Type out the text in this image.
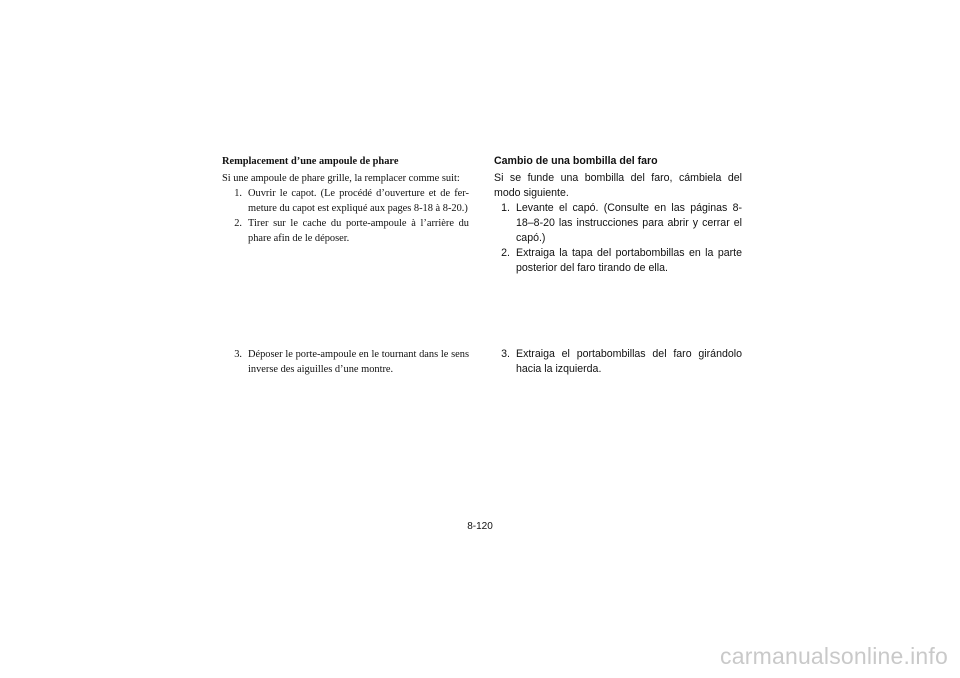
Remplacement d’une ampoule de phare

Si une ampoule de phare grille, la remplacer comme suit:

1. Ouvrir le capot. (Le procédé d’ouverture et de fer-meture du capot est expliqué aux pages 8-18 à 8-20.)
2. Tirer sur le cache du porte-ampoule à l’arrière du phare afin de le déposer.
3. Déposer le porte-ampoule en le tournant dans le sens inverse des aiguilles d’une montre.

Cambio de una bombilla del faro

Si se funde una bombilla del faro, cámbiela del modo siguiente.

1. Levante el capó. (Consulte en las páginas 8-18–8-20 las instrucciones para abrir y cerrar el capó.)
2. Extraiga la tapa del portabombillas en la parte posterior del faro tirando de ella.
3. Extraiga el portabombillas del faro girándolo hacia la izquierda.
8-120
carmanualsonline.info
